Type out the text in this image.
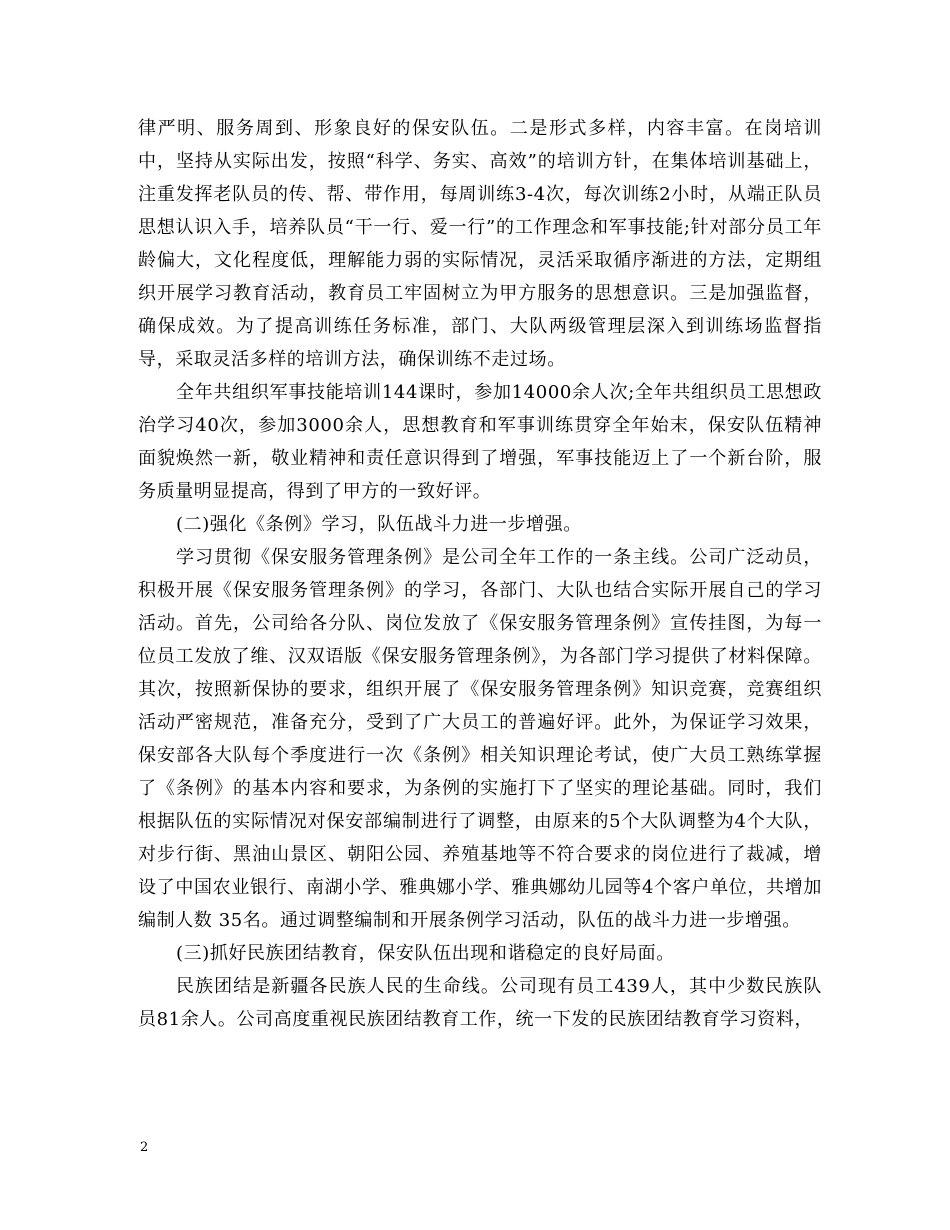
律严明、服务周到、形象良好的保安队伍。二是形式多样，内容丰富。在岗培训中，坚持从实际出发，按照“科学、务实、高效”的培训方针，在集体培训基础上，注重发挥老队员的传、帮、带作用，每周训练3-4次，每次训练2小时，从端正队员思想认识入手，培养队员“干一行、爱一行”的工作理念和军事技能;针对部分员工年龄偏大，文化程度低，理解能力弱的实际情况，灵活采取循序渐进的方法，定期组织开展学习教育活动，教育员工牢固树立为甲方服务的思想意识。三是加强监督，确保成效。为了提高训练任务标准，部门、大队两级管理层深入到训练场监督指导，采取灵活多样的培训方法，确保训练不走过场。

全年共组织军事技能培训144课时，参加14000余人次;全年共组织员工思想政治学习40次，参加3000余人，思想教育和军事训练贯穿全年始末，保安队伍精神面貌焕然一新，敬业精神和责任意识得到了增强，军事技能迈上了一个新台阶，服务质量明显提高，得到了甲方的一致好评。

(二)强化《条例》学习，队伍战斗力进一步增强。

学习贯彻《保安服务管理条例》是公司全年工作的一条主线。公司广泛动员，积极开展《保安服务管理条例》的学习，各部门、大队也结合实际开展自己的学习活动。首先，公司给各分队、岗位发放了《保安服务管理条例》宣传挂图，为每一位员工发放了维、汉双语版《保安服务管理条例》，为各部门学习提供了材料保障。其次，按照新保协的要求，组织开展了《保安服务管理条例》知识竞赛，竞赛组织活动严密规范，准备充分，受到了广大员工的普遍好评。此外，为保证学习效果，保安部各大队每个季度进行一次《条例》相关知识理论考试，使广大员工熟练掌握了《条例》的基本内容和要求，为条例的实施打下了坚实的理论基础。同时，我们根据队伍的实际情况对保安部编制进行了调整，由原来的5个大队调整为4个大队，对步行街、黑油山景区、朝阳公园、养殖基地等不符合要求的岗位进行了裁减，增设了中国农业银行、南湖小学、雅典娜小学、雅典娜幼儿园等4个客户单位，共增加编制人数 35名。通过调整编制和开展条例学习活动，队伍的战斗力进一步增强。

(三)抓好民族团结教育，保安队伍出现和谐稳定的良好局面。

民族团结是新疆各民族人民的生命线。公司现有员工439人，其中少数民族队员81余人。公司高度重视民族团结教育工作，统一下发的民族团结教育学习资料，

2
